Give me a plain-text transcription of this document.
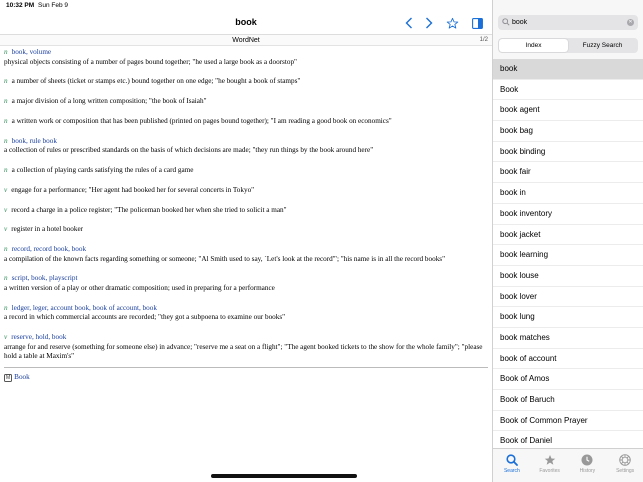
10:32 PM Sun Feb 9
book
WordNet	1/2
n book, volume
physical objects consisting of a number of pages bound together; "he used a large book as a doorstop"
n a number of sheets (ticket or stamps etc.) bound together on one edge; "he bought a book of stamps"
n a major division of a long written composition; "the book of Isaiah"
n a written work or composition that has been published (printed on pages bound together); "I am reading a good book on economics"
n book, rule book
a collection of rules or prescribed standards on the basis of which decisions are made; "they run things by the book around here"
n a collection of playing cards satisfying the rules of a card game
v engage for a performance; "Her agent had booked her for several concerts in Tokyo"
v record a charge in a police register; "The policeman booked her when she tried to solicit a man"
v register in a hotel booker
n record, record book, book
a compilation of the known facts regarding something or someone; "Al Smith used to say, `Let's look at the record'"; "his name is in all the record books"
n script, book, playscript
a written version of a play or other dramatic composition; used in preparing for a performance
n ledger, leger, account book, book of account, book
a record in which commercial accounts are recorded; "they got a subpoena to examine our books"
v reserve, hold, book
arrange for and reserve (something for someone else) in advance; "reserve me a seat on a flight"; "The agent booked tickets to the show for the whole family"; "please hold a table at Maxim's"
M Book
book
✕
Index	Fuzzy Search
book
Book
book agent
book bag
book binding
book fair
book in
book inventory
book jacket
book learning
book louse
book lover
book lung
book matches
book of account
Book of Amos
Book of Baruch
Book of Common Prayer
Book of Daniel
Search	Favorites	History	Settings
